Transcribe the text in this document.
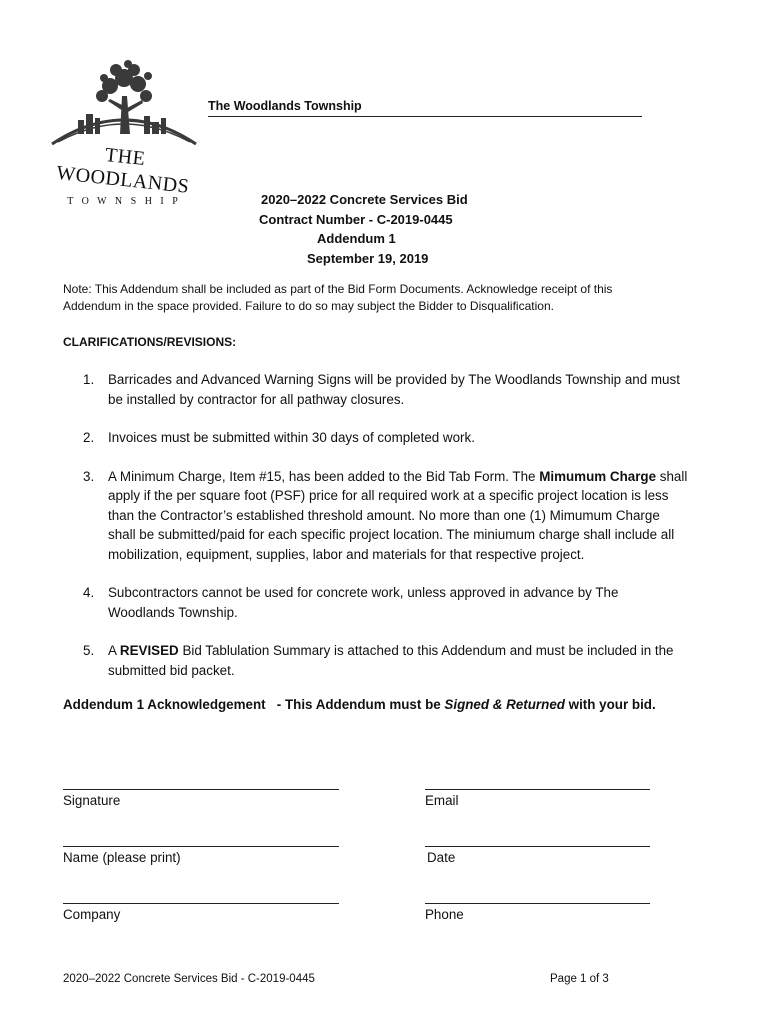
THE WOODLANDS
T O W N S H I P
The Woodlands Township
2020–2022 Concrete Services Bid
Contract Number - C-2019-0445
Addendum 1
September 19, 2019
Note: This Addendum shall be included as part of the Bid Form Documents. Acknowledge receipt of this
Addendum in the space provided. Failure to do so may subject the Bidder to Disqualification.
CLARIFICATIONS/REVISIONS:
1. Barricades and Advanced Warning Signs will be provided by The Woodlands Township and must
be installed by contractor for all pathway closures.
2. Invoices must be submitted within 30 days of completed work.
3. A Minimum Charge, Item #15, has been added to the Bid Tab Form. The Mimumum Charge shall
apply if the per square foot (PSF) price for all required work at a specific project location is less
than the Contractor’s established threshold amount. No more than one (1) Mimumum Charge
shall be submitted/paid for each specific project location. The miniumum charge shall include all
mobilization, equipment, supplies, labor and materials for that respective project.
4. Subcontractors cannot be used for concrete work, unless approved in advance by The
Woodlands Township.
5. A REVISED Bid Tablulation Summary is attached to this Addendum and must be included in the
submitted bid packet.
Addendum 1 Acknowledgement   - This Addendum must be Signed & Returned with your bid.
Signature	Email
Name (please print)	Date
Company	Phone
2020–2022 Concrete Services Bid - C-2019-0445	Page 1 of 3
